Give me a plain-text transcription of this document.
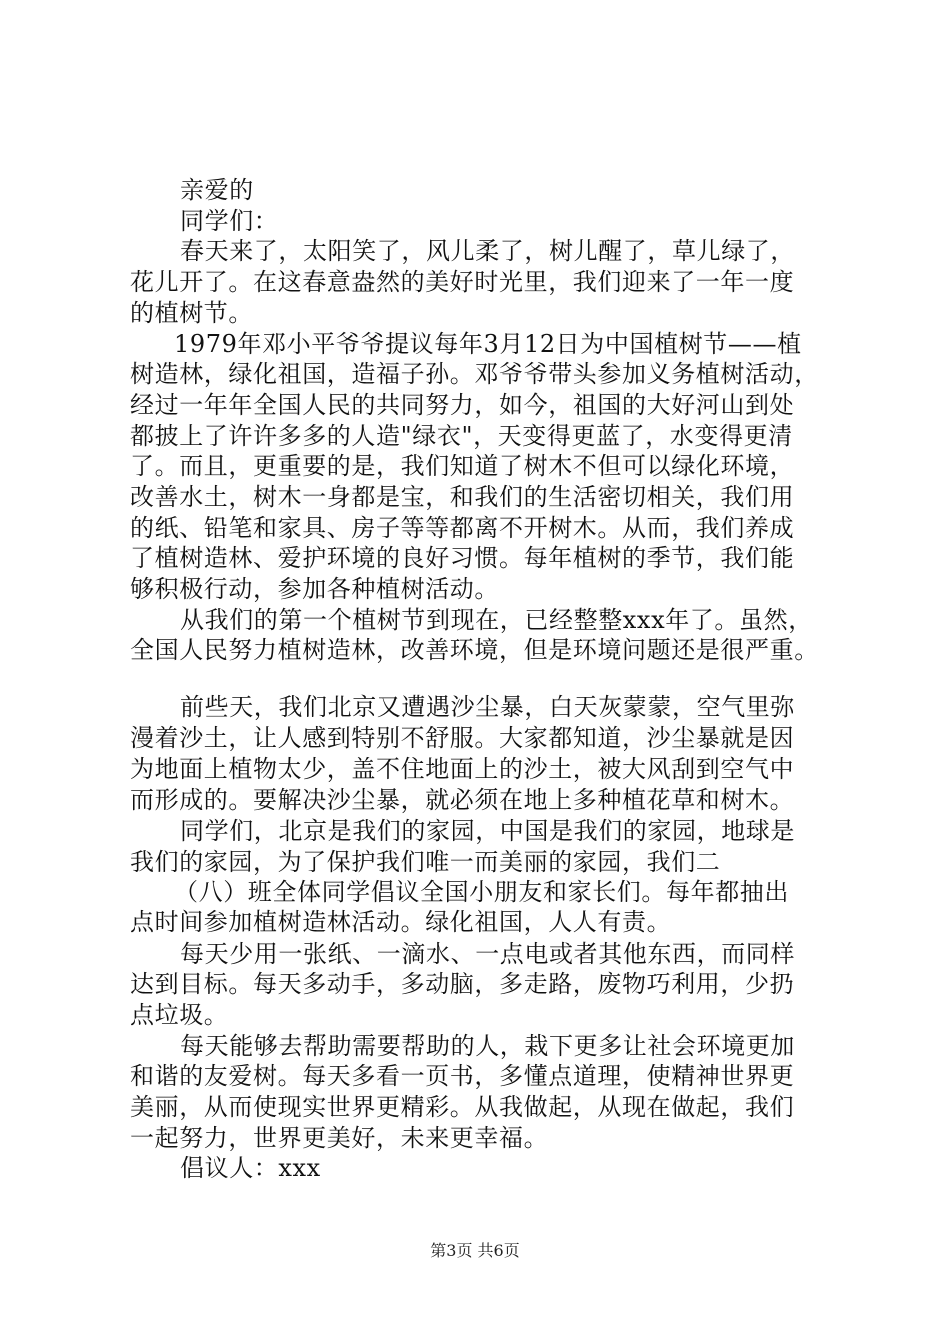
亲爱的
同学们：
春天来了，太阳笑了，风儿柔了，树儿醒了，草儿绿了，
花儿开了。在这春意盎然的美好时光里，我们迎来了一年一度
的植树节。
1979年邓小平爷爷提议每年3月12日为中国植树节——植
树造林，绿化祖国，造福子孙。邓爷爷带头参加义务植树活动，
经过一年年全国人民的共同努力，如今，祖国的大好河山到处
都披上了许许多多的人造"绿衣"，天变得更蓝了，水变得更清
了。而且，更重要的是，我们知道了树木不但可以绿化环境，
改善水土，树木一身都是宝，和我们的生活密切相关，我们用
的纸、铅笔和家具、房子等等都离不开树木。从而，我们养成
了植树造林、爱护环境的良好习惯。每年植树的季节，我们能
够积极行动，参加各种植树活动。
从我们的第一个植树节到现在，已经整整xxx年了。虽然，
全国人民努力植树造林，改善环境，但是环境问题还是很严重。
前些天，我们北京又遭遇沙尘暴，白天灰蒙蒙，空气里弥
漫着沙土，让人感到特别不舒服。大家都知道，沙尘暴就是因
为地面上植物太少，盖不住地面上的沙土，被大风刮到空气中
而形成的。要解决沙尘暴，就必须在地上多种植花草和树木。
同学们，北京是我们的家园，中国是我们的家园，地球是
我们的家园，为了保护我们唯一而美丽的家园，我们二
（八）班全体同学倡议全国小朋友和家长们。每年都抽出
点时间参加植树造林活动。绿化祖国，人人有责。
每天少用一张纸、一滴水、一点电或者其他东西，而同样
达到目标。每天多动手，多动脑，多走路，废物巧利用，少扔
点垃圾。
每天能够去帮助需要帮助的人，栽下更多让社会环境更加
和谐的友爱树。每天多看一页书，多懂点道理，使精神世界更
美丽，从而使现实世界更精彩。从我做起，从现在做起，我们
一起努力，世界更美好，未来更幸福。
倡议人：xxx
第3页 共6页
